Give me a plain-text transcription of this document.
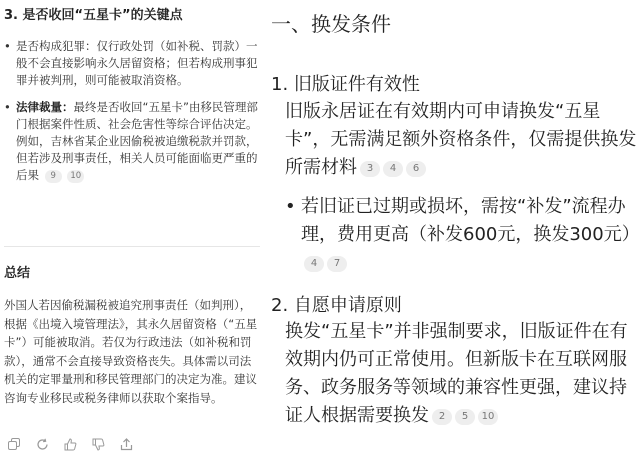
3. 是否收回“五星卡”的关键点
• 是否构成犯罪：仅行政处罚（如补税、罚款）一般不会直接影响永久居留资格；但若构成刑事犯罪并被判刑，则可能被取消资格。
• 法律裁量：最终是否收回“五星卡”由移民管理部门根据案件性质、社会危害性等综合评估决定。例如，吉林省某企业因偷税被追缴税款并罚款，但若涉及刑事责任，相关人员可能面临更严重的后果 9 10
总结

外国人若因偷税漏税被追究刑事责任（如判刑），根据《出境入境管理法》，其永久居留资格（“五星卡”）可能被取消。若仅为行政违法（如补税和罚款），通常不会直接导致资格丧失。具体需以司法机关的定罪量刑和移民管理部门的决定为准。建议咨询专业移民或税务律师以获取个案指导。

一、换发条件
1. 旧版证件有效性

旧版永居证在有效期内可申请换发“五星卡”，无需满足额外资格条件，仅需提供换发所需材料 3 4 6

• 若旧证已过期或损坏，需按“补发”流程办理，费用更高（补发600元，换发300元）4 7

2. 自愿申请原则

换发“五星卡”并非强制要求，旧版证件在有效期内仍可正常使用。但新版卡在互联网服务、政务服务等领域的兼容性更强，建议持证人根据需要换发 2 5 10
